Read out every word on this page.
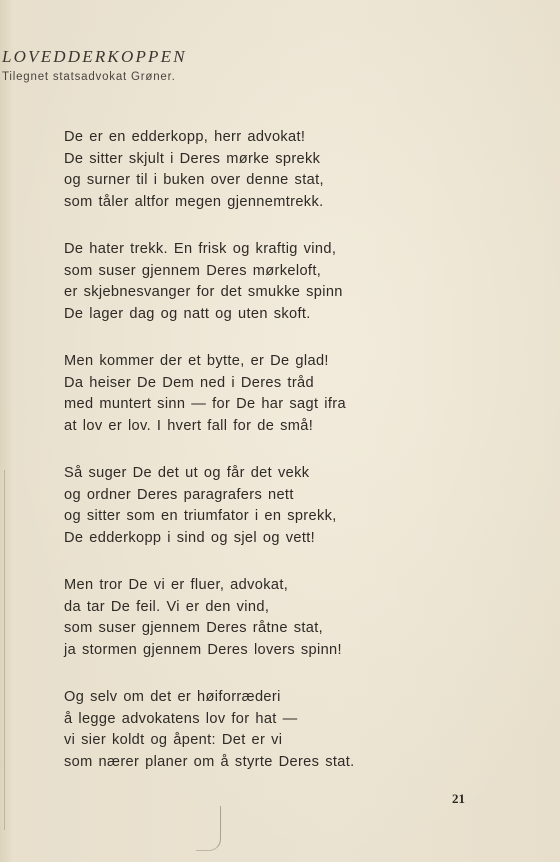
LOVEDDERKOPPEN
Tilegnet statsadvokat Grøner.
De er en edderkopp, herr advokat!
De sitter skjult i Deres mørke sprekk
og surner til i buken over denne stat,
som tåler altfor megen gjennemtrekk.
De hater trekk. En frisk og kraftig vind,
som suser gjennem Deres mørkeloft,
er skjebnesvanger for det smukke spinn
De lager dag og natt og uten skoft.
Men kommer der et bytte, er De glad!
Da heiser De Dem ned i Deres tråd
med muntert sinn — for De har sagt ifra
at lov er lov. I hvert fall for de små!
Så suger De det ut og får det vekk
og ordner Deres paragrafers nett
og sitter som en triumfator i en sprekk,
De edderkopp i sind og sjel og vett!
Men tror De vi er fluer, advokat,
da tar De feil. Vi er den vind,
som suser gjennem Deres råtne stat,
ja stormen gjennem Deres lovers spinn!
Og selv om det er høiforræderi
å legge advokatens lov for hat —
vi sier koldt og åpent: Det er vi
som nærer planer om å styrte Deres stat.
21
